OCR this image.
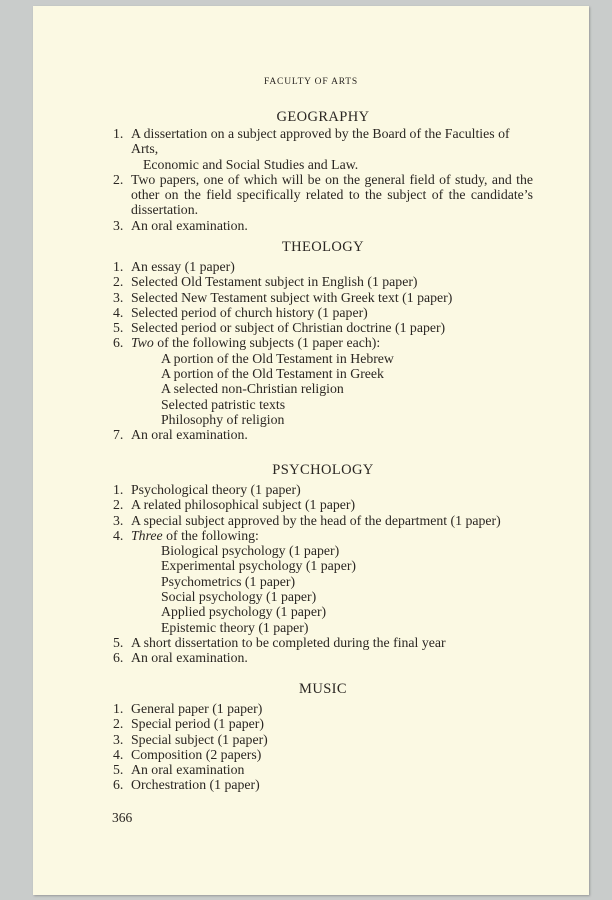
FACULTY OF ARTS
GEOGRAPHY
1. A dissertation on a subject approved by the Board of the Faculties of Arts,
Economic and Social Studies and Law.
2. Two papers, one of which will be on the general field of study, and the other on the field specifically related to the subject of the candidate’s dissertation.
3. An oral examination.
THEOLOGY
1. An essay (1 paper)
2. Selected Old Testament subject in English (1 paper)
3. Selected New Testament subject with Greek text (1 paper)
4. Selected period of church history (1 paper)
5. Selected period or subject of Christian doctrine (1 paper)
6. Two of the following subjects (1 paper each):
A portion of the Old Testament in Hebrew
A portion of the Old Testament in Greek
A selected non-Christian religion
Selected patristic texts
Philosophy of religion
7. An oral examination.
PSYCHOLOGY
1. Psychological theory (1 paper)
2. A related philosophical subject (1 paper)
3. A special subject approved by the head of the department (1 paper)
4. Three of the following:
Biological psychology (1 paper)
Experimental psychology (1 paper)
Psychometrics (1 paper)
Social psychology (1 paper)
Applied psychology (1 paper)
Epistemic theory (1 paper)
5. A short dissertation to be completed during the final year
6. An oral examination.
MUSIC
1. General paper (1 paper)
2. Special period (1 paper)
3. Special subject (1 paper)
4. Composition (2 papers)
5. An oral examination
6. Orchestration (1 paper)
366
